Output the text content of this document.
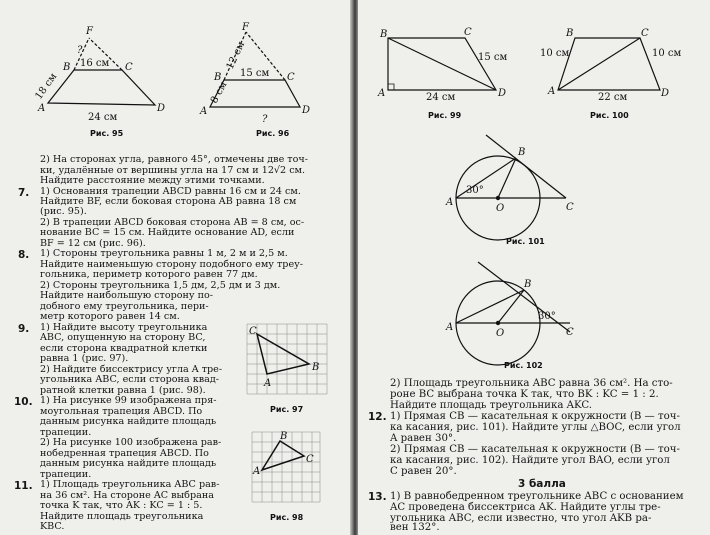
B	C
A	D
F
?
16 см
18 см
24 см
Рис. 95
B	C
A	D
F
?
8 см
12 см
15 см
Рис. 96
C
A
B
Рис. 97
A
B
C
Рис. 98
7.
8.
9.
10.
11.
2) На сторонах угла, равного 45°, отмечены две точ-
ки, удалённые от вершины угла на 17 см и 12√2 см.
Найдите расстояние между этими точками.
1) Основания трапеции ABCD равны 16 см и 24 см.
Найдите BF, если боковая сторона AB равна 18 см
(рис. 95).
2) В трапеции ABCD боковая сторона AB = 8 см, ос-
нование BC = 15 см. Найдите основание AD, если
BF = 12 см (рис. 96).
1) Стороны треугольника равны 1 м, 2 м и 2,5 м.
Найдите наименьшую сторону подобного ему треу-
гольника, периметр которого равен 77 дм.
2) Стороны треугольника 1,5 дм, 2,5 дм и 3 дм.
Найдите наибольшую сторону по-
добного ему треугольника, пери-
метр которого равен 14 см.
1) Найдите высоту треугольника
ABC, опущенную на сторону BC,
если сторона квадратной клетки
равна 1 (рис. 97).
2) Найдите биссектрису угла A тре-
угольника ABC, если сторона квад-
ратной клетки равна 1 (рис. 98).
1) На рисунке 99 изображена пря-
моугольная трапеция ABCD. По
данным рисунка найдите площадь
трапеции.
2) На рисунке 100 изображена рав-
нобедренная трапеция ABCD. По
данным рисунка найдите площадь
трапеции.
1) Площадь треугольника ABC рав-
на 36 см². На стороне AC выбрана
точка K так, что AK : KC = 1 : 5.
Найдите площадь треугольника
KBC.
B	C
A	D
15 см
24 см
Рис. 99
B	C
A	D
10 см	10 см
22 см
Рис. 100
A
B
C
O
30°
Рис. 101
A
B
C
O
30°
Рис. 102
12.
13.
2) Площадь треугольника ABC равна 36 см². На сто-
роне BC выбрана точка K так, что BK : KC = 1 : 2.
Найдите площадь треугольника AKC.
1) Прямая CB — касательная к окружности (B — точ-
ка касания, рис. 101). Найдите углы △BOC, если угол
A равен 30°.
2) Прямая CB — касательная к окружности (B — точ-
ка касания, рис. 102). Найдите угол BAO, если угол
C равен 20°.
3 балла
1) В равнобедренном треугольнике ABC с основанием
AC проведена биссектриса AK. Найдите углы тре-
угольника ABC, если известно, что угол AKB ра-
вен 132°.
